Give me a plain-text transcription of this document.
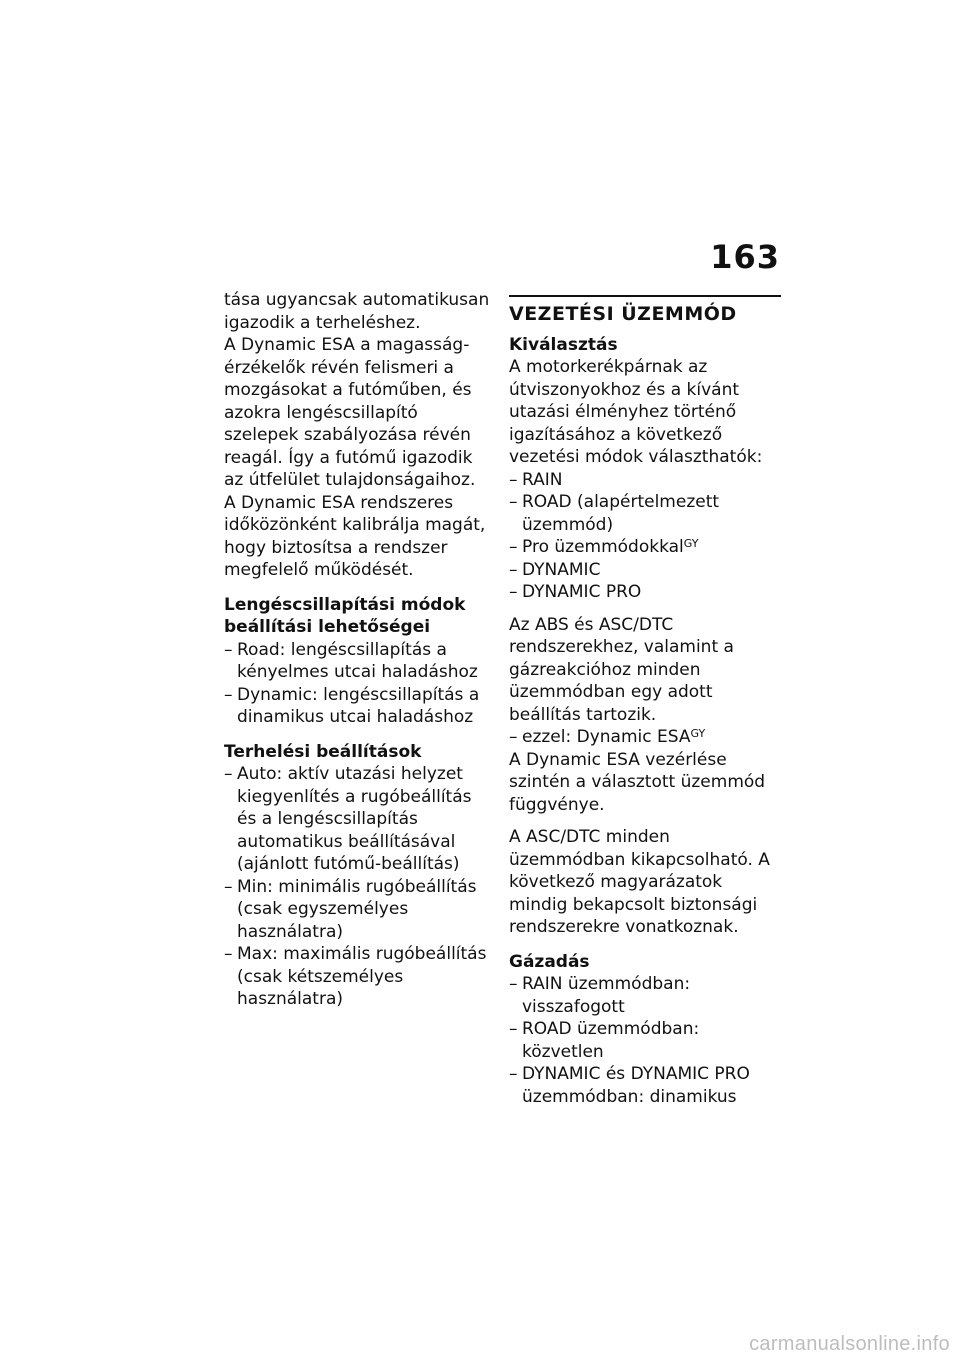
163

tása ugyancsak automatikusan igazodik a terheléshez.

A Dynamic ESA a magasság-érzékelők révén felismeri a mozgásokat a futóműben, és azokra lengéscsillapító szelepek szabályozása révén reagál. Így a futómű igazodik az útfelület tulajdonságaihoz.

A Dynamic ESA rendszeres időközönként kalibrálja magát, hogy biztosítsa a rendszer megfelelő működését.

Lengéscsillapítási módok beállítási lehetőségei

– Road: lengéscsillapítás a kényelmes utcai haladáshoz
– Dynamic: lengéscsillapítás a dinamikus utcai haladáshoz

Terhelési beállítások

– Auto: aktív utazási helyzet kiegyenlítés a rugóbeállítás és a lengéscsillapítás automatikus beállításával (ajánlott futómű-beállítás)
– Min: minimális rugóbeállítás (csak egyszemélyes használatra)
– Max: maximális rugóbeállítás (csak kétszemélyes használatra)

VEZETÉSI ÜZEMMÓD

Kiválasztás

A motorkerékpárnak az útviszonyokhoz és a kívánt utazási élményhez történő igazításához a következő vezetési módok választhatók:

– RAIN
– ROAD (alapértelmezett üzemmód)
– Pro üzemmódokkal$^{GY}$
– DYNAMIC
– DYNAMIC PRO

Az ABS és ASC/DTC rendszerekhez, valamint a gázreakcióhoz minden üzemmódban egy adott beállítás tartozik.

– ezzel: Dynamic $ESA^{GY}$

A Dynamic ESA vezérlése szintén a választott üzemmód függvénye.

A ASC/DTC minden üzemmódban kikapcsolható. A következő magyarázatok mindig bekapcsolt biztonsági rendszerekre vonatkoznak.

Gázadás

– RAIN üzemmódban: visszafogott
– ROAD üzemmódban: közvetlen
– DYNAMIC és DYNAMIC PRO üzemmódban: dinamikus
carmanualsonline.info
